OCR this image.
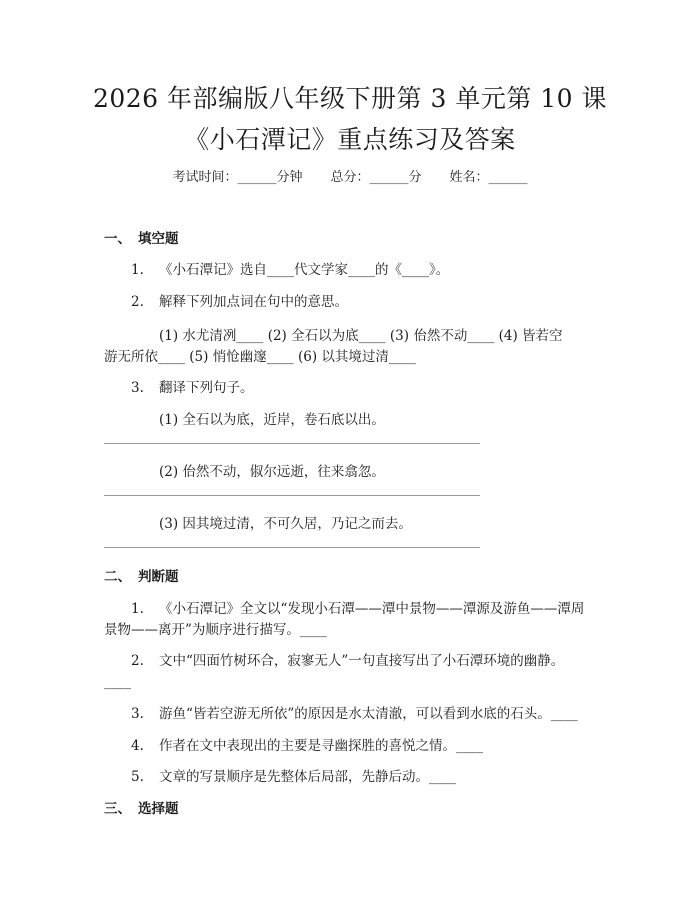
2026 年部编版八年级下册第 3 单元第 10 课
《小石潭记》重点练习及答案
考试时间：______分钟 总分：______分 姓名：______
一、 填空题
1. 《小石潭记》选自____代文学家____的《____》。
2. 解释下列加点词在句中的意思。
(1) 水尤清冽____ (2) 全石以为底____ (3) 佁然不动____ (4) 皆若空
游无所依____ (5) 悄怆幽邃____ (6) 以其境过清____
3. 翻译下列句子。
(1) 全石以为底，近岸，卷石底以出。
(2) 佁然不动，俶尔远逝，往来翕忽。
(3) 因其境过清，不可久居，乃记之而去。
二、 判断题
1. 《小石潭记》全文以“发现小石潭——潭中景物——潭源及游鱼——潭周
景物——离开”为顺序进行描写。____
2. 文中“四面竹树环合，寂寥无人”一句直接写出了小石潭环境的幽静。
____
3. 游鱼“皆若空游无所依”的原因是水太清澈，可以看到水底的石头。____
4. 作者在文中表现出的主要是寻幽探胜的喜悦之情。____
5. 文章的写景顺序是先整体后局部，先静后动。____
三、 选择题
